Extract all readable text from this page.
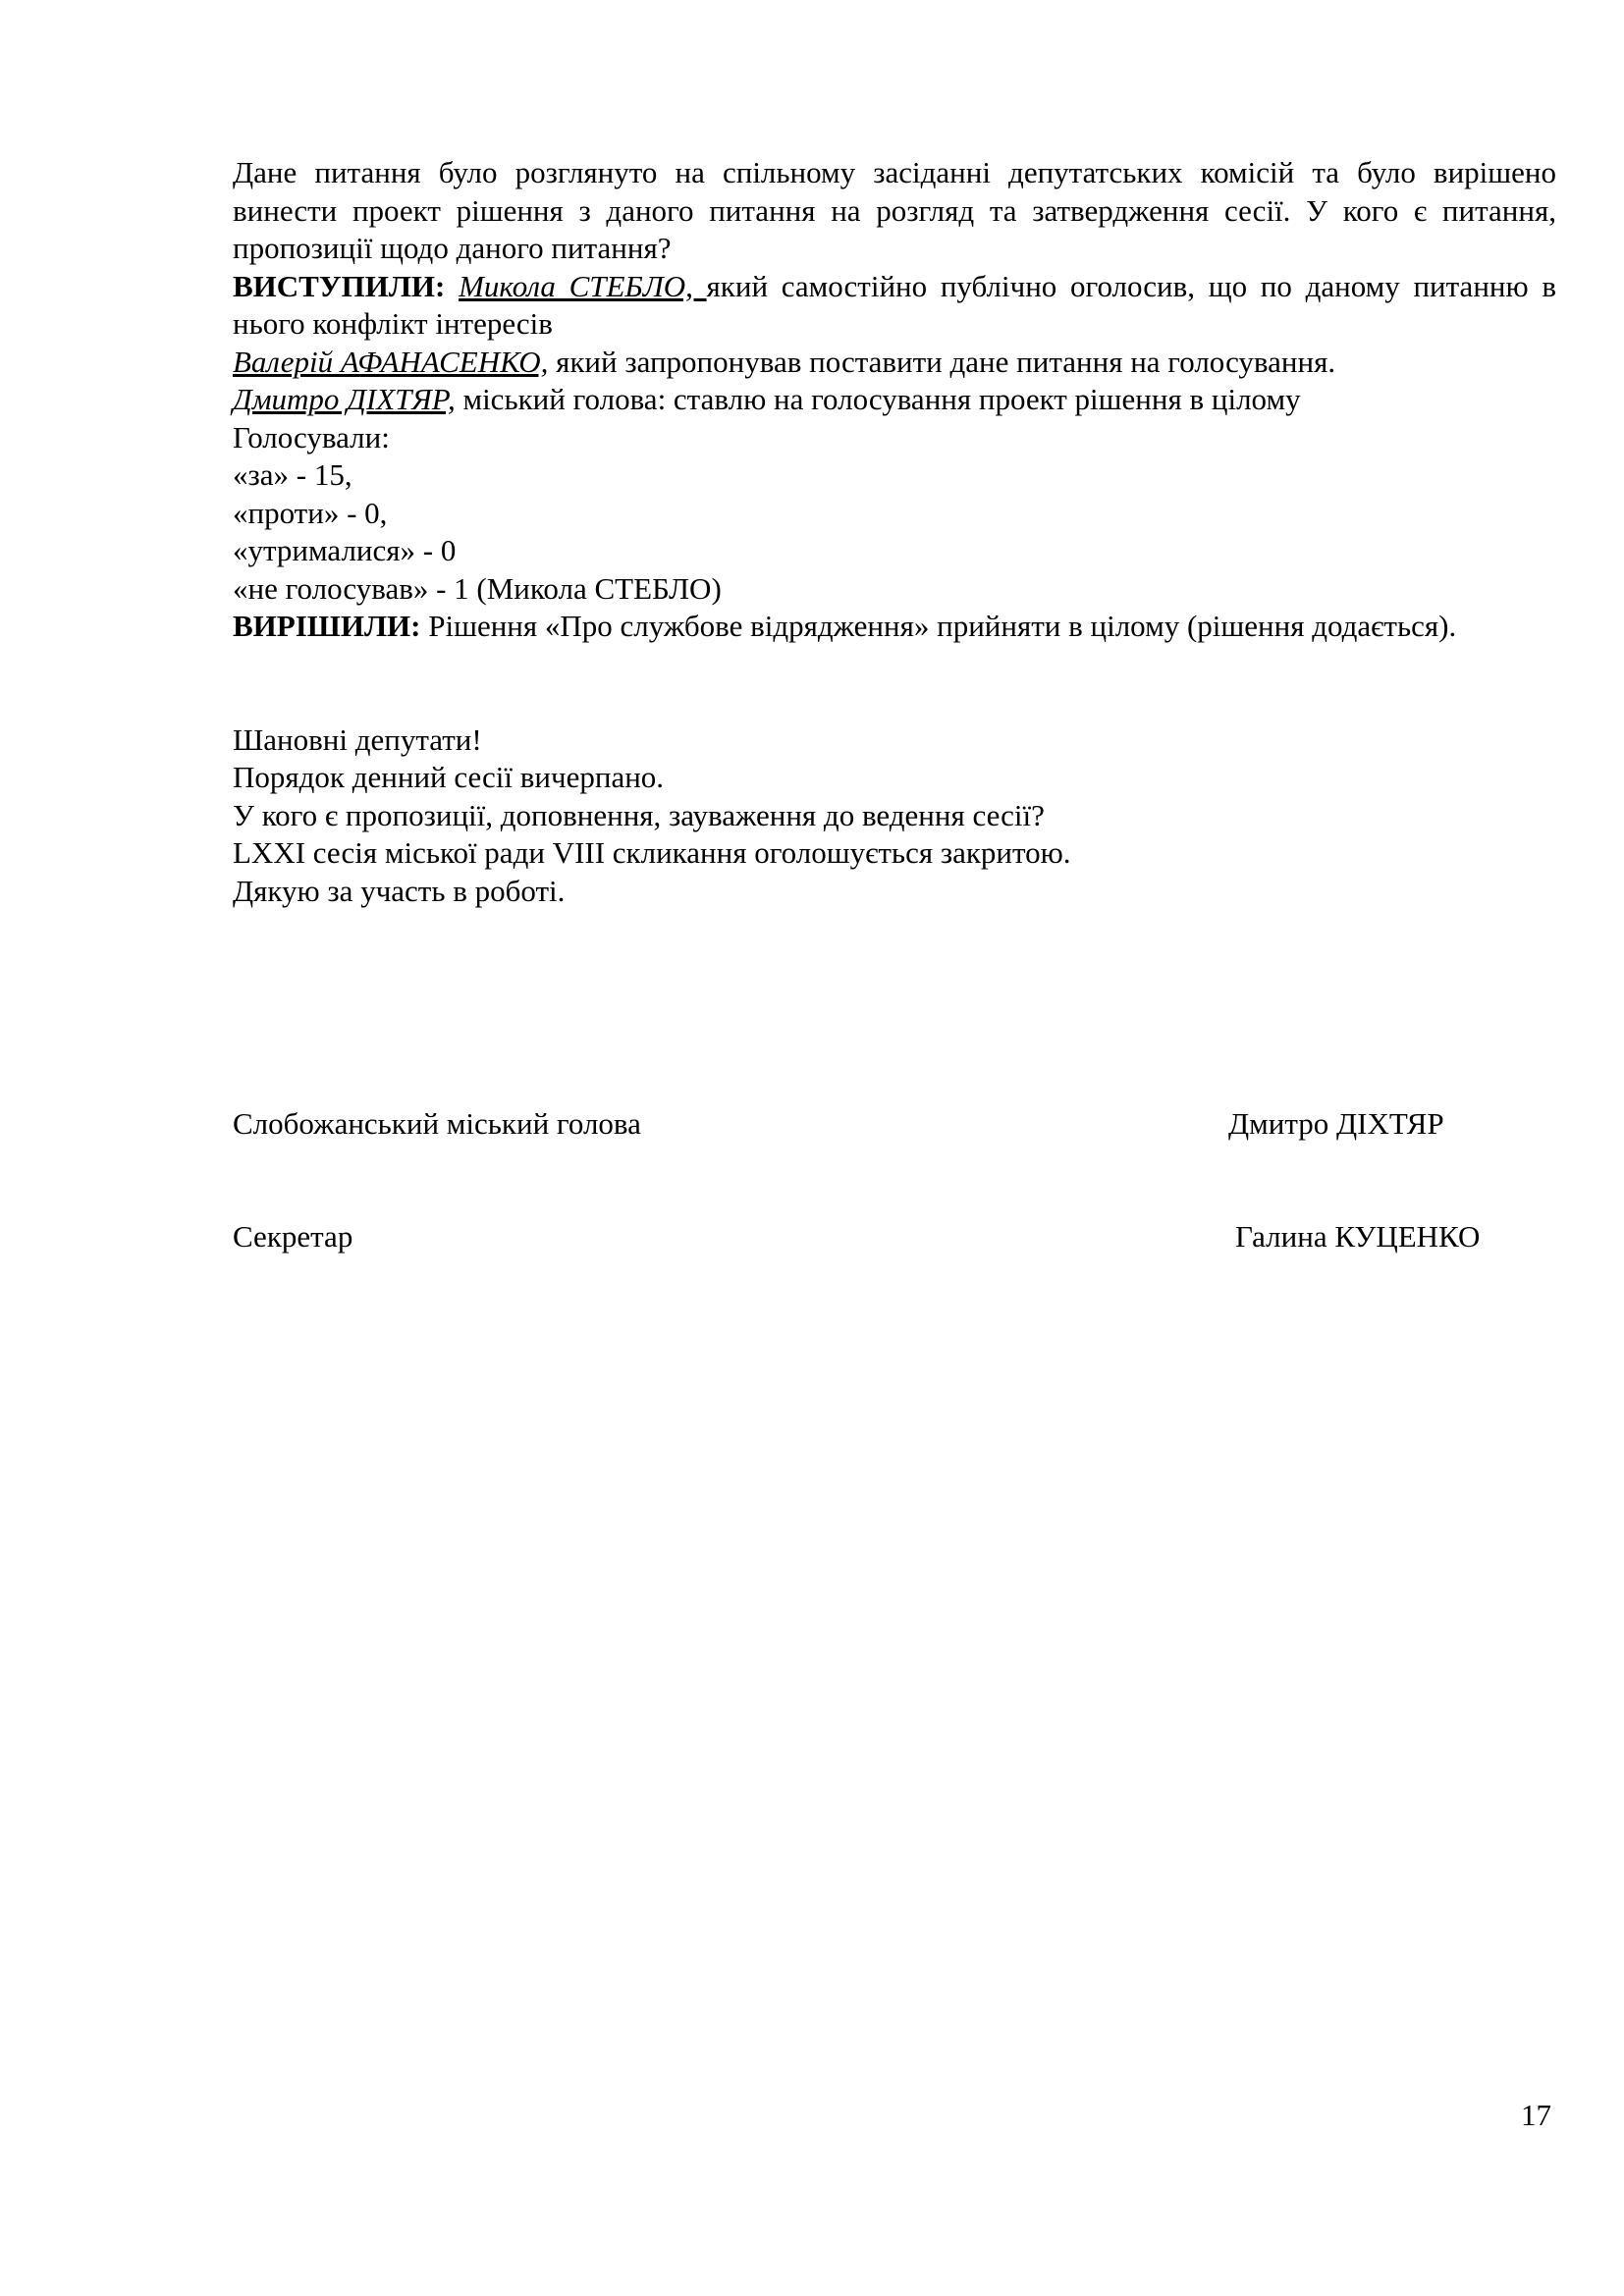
Дане питання було розглянуто на спільному засіданні депутатських комісій та було вирішено винести проект рішення з даного питання на розгляд та затвердження сесії. У кого є питання, пропозиції щодо даного питання?

ВИСТУПИЛИ: Микола СТЕБЛО, який самостійно публічно оголосив, що по даному питанню в нього конфлікт інтересів

Валерій АФАНАСЕНКО, який запропонував поставити дане питання на голосування.

Дмитро ДІХТЯР, міський голова: ставлю на голосування проект рішення в цілому

Голосували:

«за» - 15,

«проти» - 0,

«утрималися» - 0

«не голосував» - 1 (Микола СТЕБЛО)

ВИРІШИЛИ: Рішення «Про службове відрядження» прийняти в цілому (рішення додається).

Шановні депутати!

Порядок денний сесії вичерпано.

У кого є пропозиції, доповнення, зауваження до ведення сесії?

LXXI сесія міської ради VIII скликання оголошується закритою.

Дякую за участь в роботі.

Слобожанський міський голова	Дмитро ДІХТЯР
Секретар	Галина КУЦЕНКО
17
